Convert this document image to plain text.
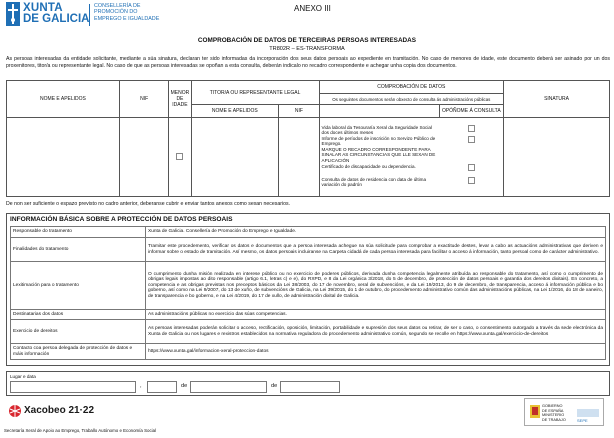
XUNTA
DE GALICIA
CONSELLERÍA DE
PROMOCIÓN DO
EMPREGO E IGUALDADE
ANEXO III
COMPROBACIÓN DE DATOS DE TERCEIRAS PERSOAS INTERESADAS
TR802R – ES-TRANSFORMA
As persoas interesadas da entidade solicitante, mediante a súa sinatura, declaran ter sido informadas da incorporación dos seus datos persoais ao expediente en tramitación. No caso de menores de idade, este documento deberá ser asinado por un dos proxenitores, titor/a ou representante legal. No caso de que as persoas interesadas se opoñan a esta consulta, deberán indicalo no recadro correspondente e achegar unha copia dos documentos.
NOME E APELIDOS	NIF	MENOR DE IDADE	TITOR/A OU REPRESENTANTE LEGAL	COMPROBACIÓN DE DATOS	SINATURA
Os seguintes documentos serán obxecto de consulta ás administracións públicas
NOME E APELIDOS	NIF		OPÓÑOME Á CONSULTA

Vida laboral da Tesouraría Xeral da Seguridade Social dos doces últimos meses	
Informe de períodos de inscrición no Servizo Público de Emprego.	
MARQUE O RECADRO CORRESPONDENTE PARA SINALAR AS CIRCUNSTANCIAS QUE LLE SEXAN DE APLICACIÓN	
Certificado de discapacidade ou dependencia.	
Consulta de datos de residencia con data de última variación do padrón	

De non ser suficiente o espazo previsto no cadro anterior, deberanse cubrir e enviar tantos anexos como sexan necesarios.
INFORMACIÓN BÁSICA SOBRE A PROTECCIÓN DE DATOS PERSOAIS
Responsable do tratamento	Xunta de Galicia. Consellería de Promoción do Emprego e Igualdade.
Finalidades do tratamento	Tramitar este procedemento, verificar os datos e documentos que a persoa interesada achegue na súa solicitude para comprobar a exactitude destes, levar a cabo as actuacións administrativas que deriven e informar sobre o estado de tramitación. Así mesmo, os datos persoais incluiranse na Carpeta cidadá de cada persoa interesada para facilitar o acceso á información, tanto persoal como de carácter administrativo.
Lexitimación para o tratamento	O cumprimento dunha misión realizada en interese público ou no exercicio de poderes públicos, derivada dunha competencia legalmente atribuída ao responsable do tratamento, así como o cumprimento de obrigas legais impostas ao dito responsable (artigo 6.1, letras c) e e), do RXPD, e 8 da Lei orgánica 3/2018, do 5 de decembro, de protección de datos persoais e garantía dos dereitos dixitais). En concreto, a competencia e as obrigas previstas nos preceptos básicos da Lei 38/2003, do 17 de novembro, xeral de subvencións, e da Lei 19/2013, do 9 de decembro, de transparencia, acceso á información pública e bo goberno, así como na Lei 9/2007, do 13 de xuño, de subvencións de Galicia, na Lei 39/2015, do 1 de outubro, do procedemento administrativo común das administracións públicas, na Lei 1/2016, do 18 de xaneiro, de transparencia e bo goberno, e na Lei 4/2019, do 17 de xullo, de administración dixital de Galicia.
Destinatarias dos datos	As administracións públicas no exercicio das súas competencias.
Exercicio de dereitos	As persoas interesadas poderán solicitar o acceso, rectificación, oposición, limitación, portabilidade e supresión dos seus datos ou retirar, de ser o caso, o consentimento outorgado a través da sede electrónica da Xunta de Galicia ou nos lugares e rexistros establecidos na normativa reguladora do procedemento administrativo común, segundo se recolle en https://www.xunta.gal/exercicio-de-dereitos
Contacto coa persoa delegada de protección de datos e máis información	https://www.xunta.gal/informacion-xeral-proteccion-datos
Lugar e data
,	de	de
Xacobeo 21·22
Secretaría Xeral de Apoio ao Emprego, Traballo Autónomo e Economía Social
GOBIERNO
DE ESPAÑA
MINISTERIO
DE TRABAJO	SEPE
